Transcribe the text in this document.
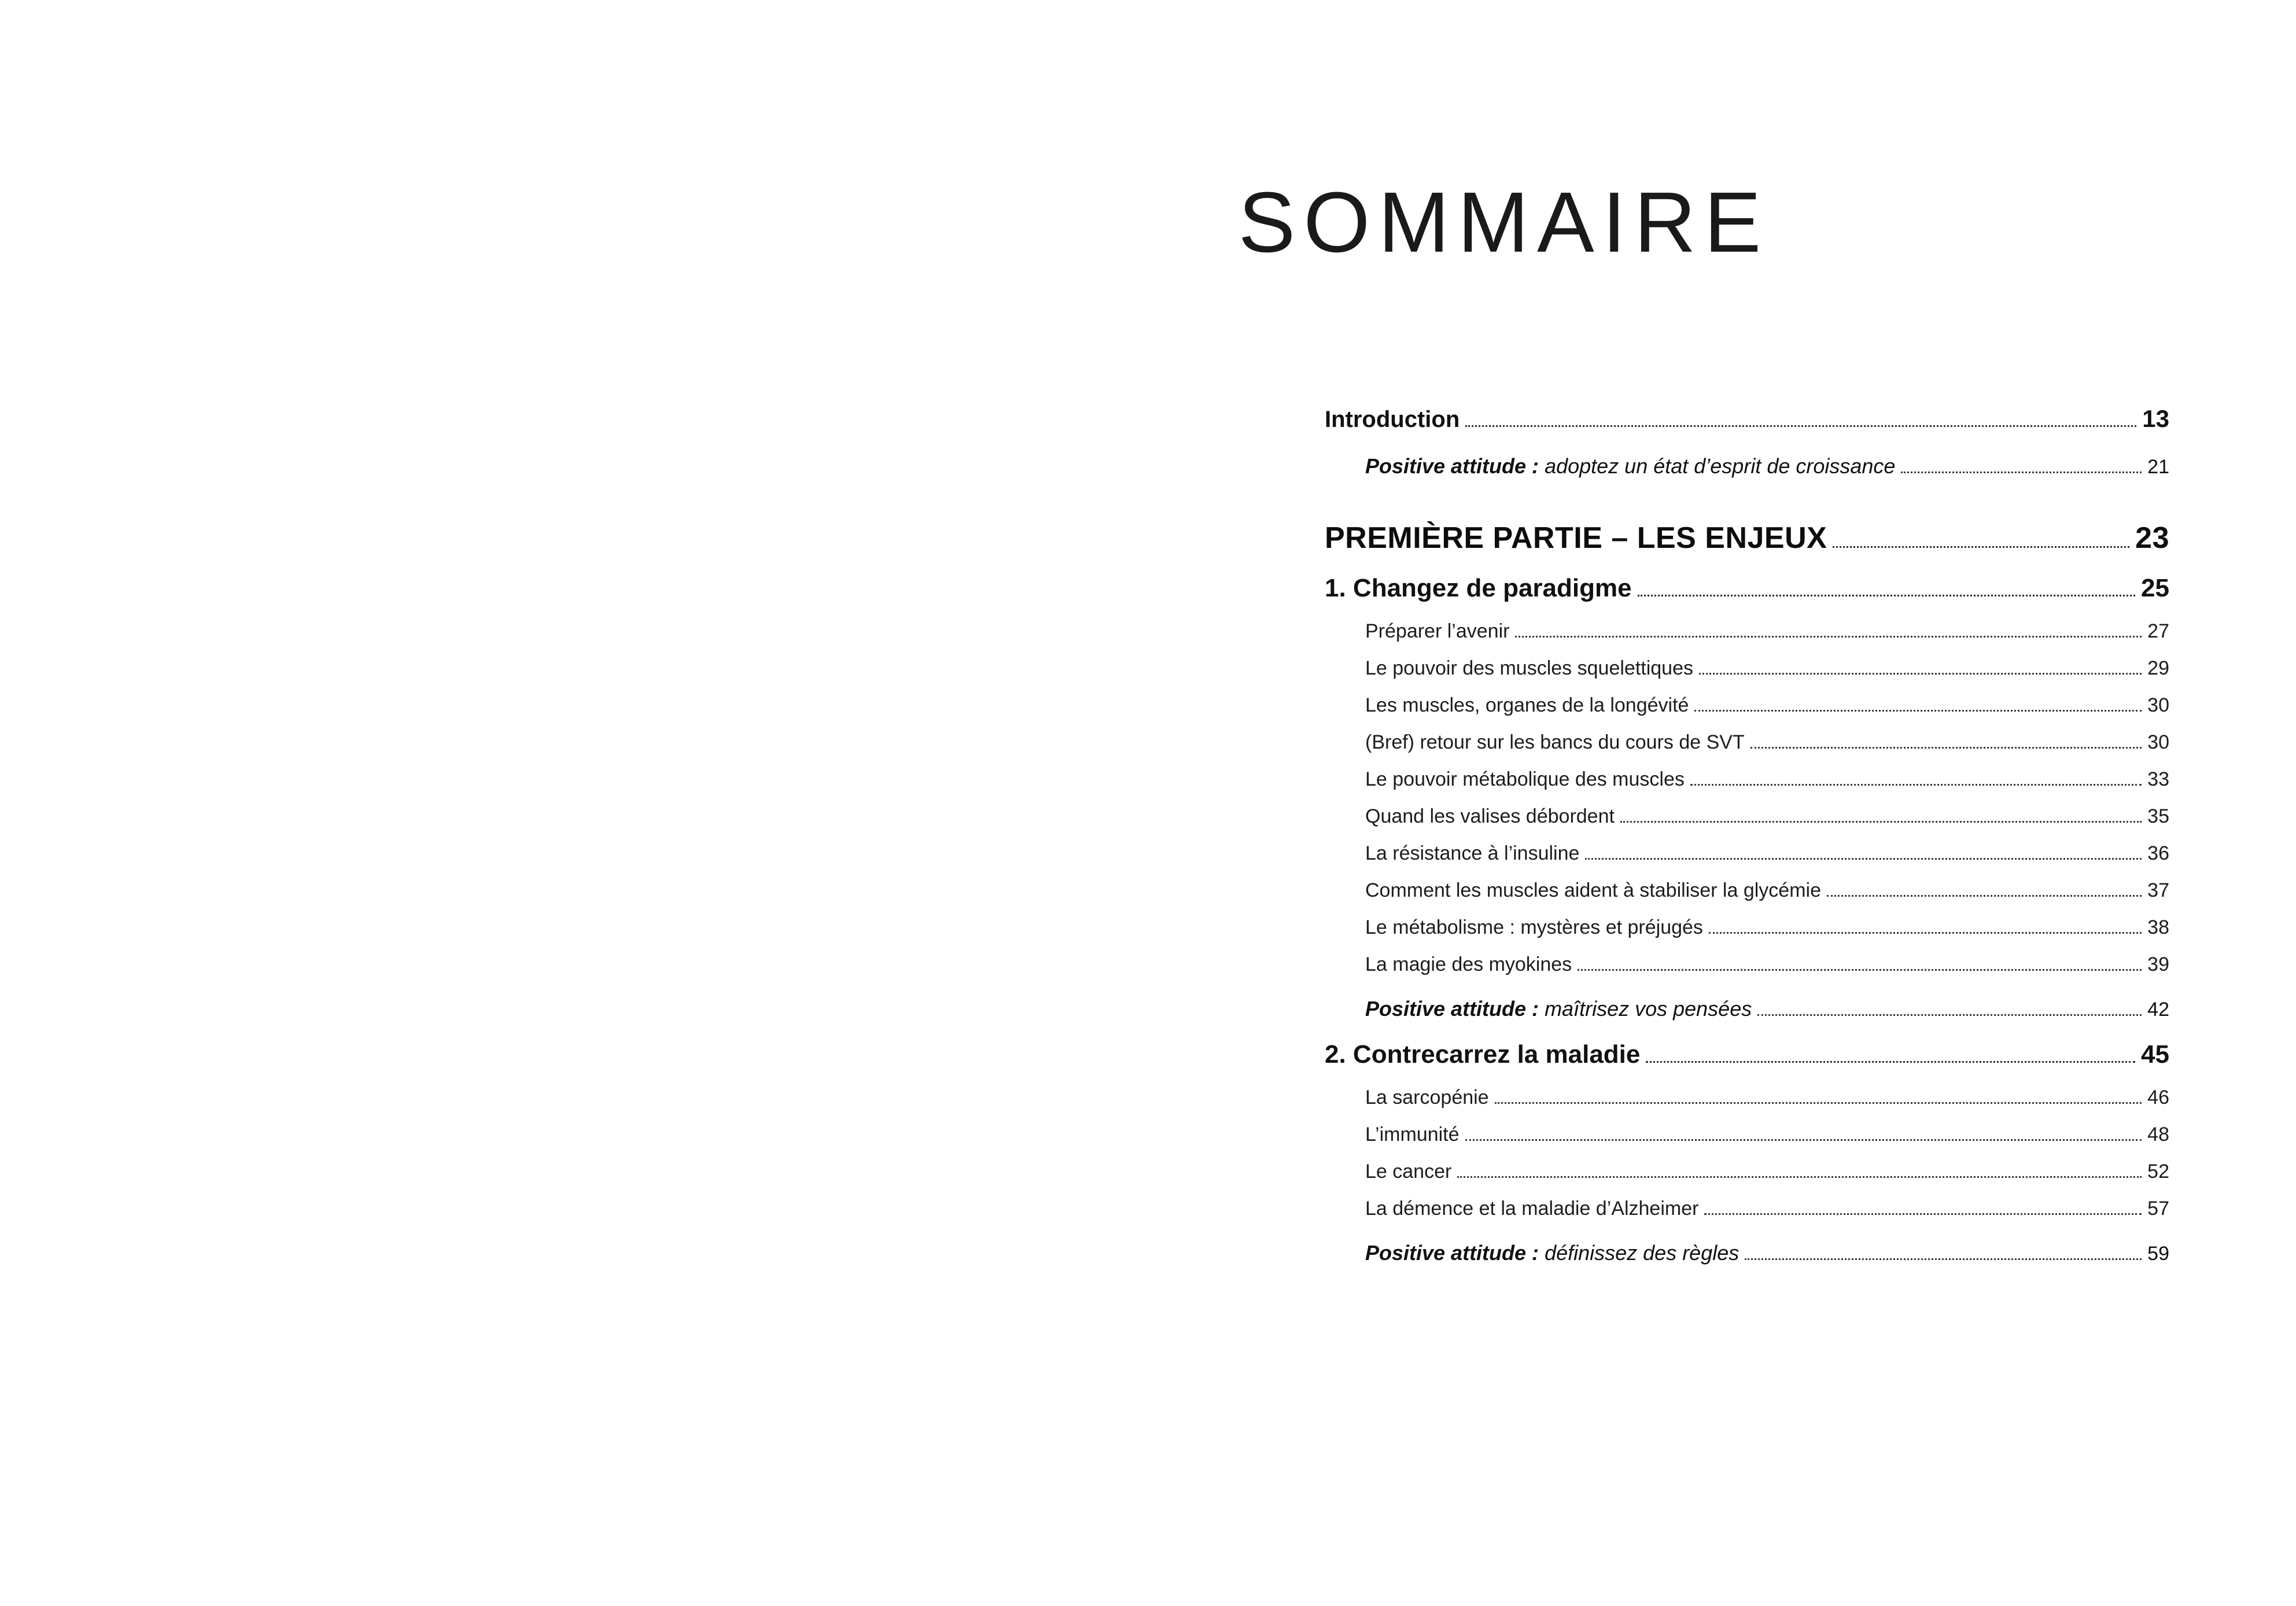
SOMMAIRE
Introduction	13
Positive attitude : adoptez un état d’esprit de croissance	21
PREMIÈRE PARTIE – LES ENJEUX	23
1. Changez de paradigme	25
Préparer l’avenir	27
Le pouvoir des muscles squelettiques	29
Les muscles, organes de la longévité	30
(Bref) retour sur les bancs du cours de SVT	30
Le pouvoir métabolique des muscles	33
Quand les valises débordent	35
La résistance à l’insuline	36
Comment les muscles aident à stabiliser la glycémie	37
Le métabolisme : mystères et préjugés	38
La magie des myokines	39
Positive attitude : maîtrisez vos pensées	42
2. Contrecarrez la maladie	45
La sarcopénie	46
L’immunité	48
Le cancer	52
La démence et la maladie d’Alzheimer	57
Positive attitude : définissez des règles	59
